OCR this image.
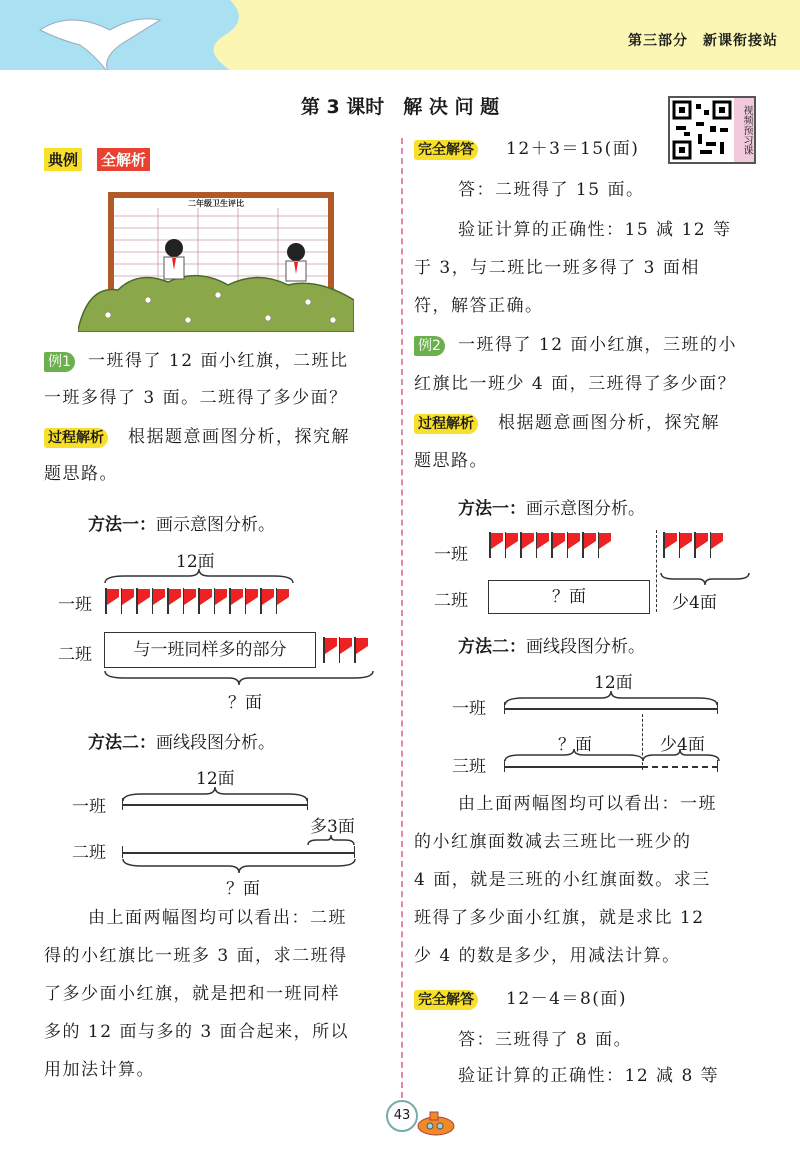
第三部分　新课衔接站
第 3 课时　解 决 问 题	视频预习课
典例 全解析
二年级卫生评比
例1 一班得了 12 面小红旗，二班比
一班多得了 3 面。二班得了多少面？
过程解析 根据题意画图分析，探究解
题思路。
方法一：画示意图分析。
12面
一班
二班	与一班同样多的部分
？面
方法二：画线段图分析。
12面
一班
多3面
二班
？面
由上面两幅图均可以看出：二班
得的小红旗比一班多 3 面，求二班得
了多少面小红旗，就是把和一班同样
多的 12 面与多的 3 面合起来，所以
用加法计算。
完全解答 12＋3＝15(面)
答：二班得了 15 面。
验证计算的正确性：15 减 12 等
于 3，与二班比一班多得了 3 面相
符，解答正确。
例2 一班得了 12 面小红旗，三班的小
红旗比一班少 4 面，三班得了多少面？
过程解析 根据题意画图分析，探究解
题思路。
方法一：画示意图分析。
一班
二班	？面	少4面
方法二：画线段图分析。
12面
一班
？面	少4面
三班
由上面两幅图均可以看出：一班
的小红旗面数减去三班比一班少的
4 面，就是三班的小红旗面数。求三
班得了多少面小红旗，就是求比 12
少 4 的数是多少，用减法计算。
完全解答 12－4＝8(面)
答：三班得了 8 面。
验证计算的正确性：12 减 8 等
43
